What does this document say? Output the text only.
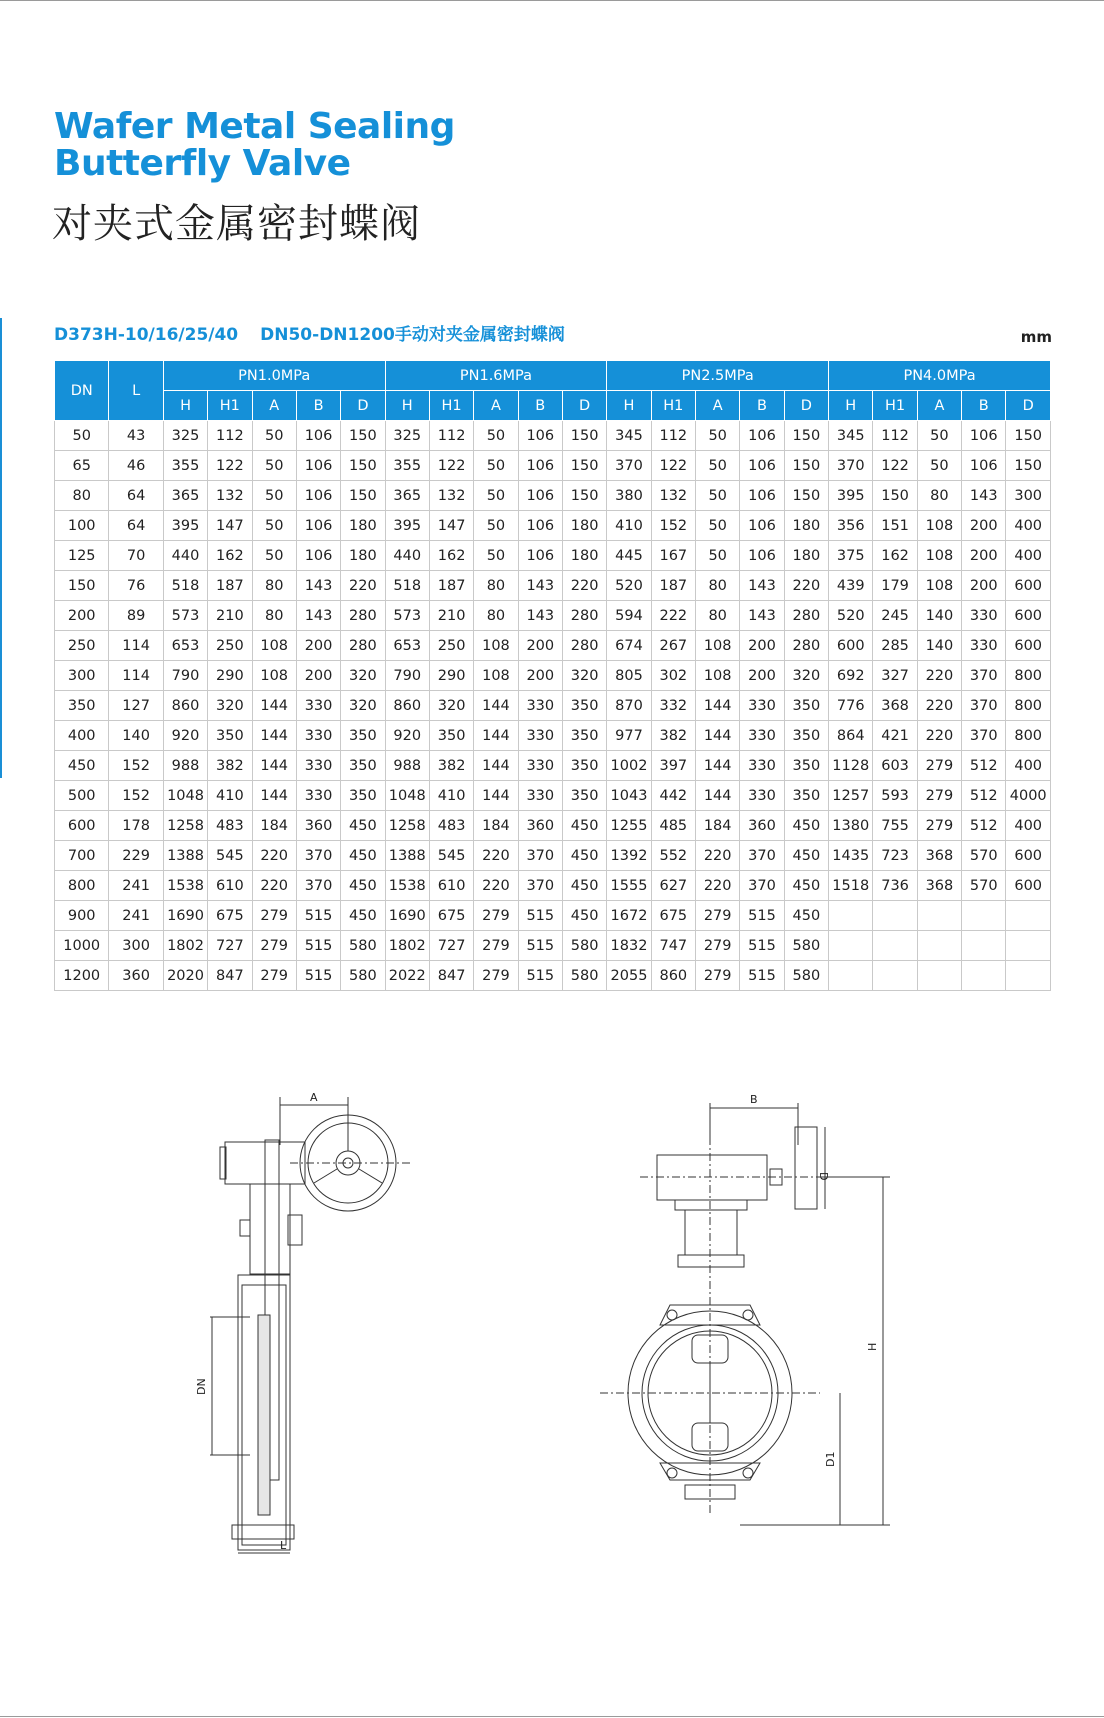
Wafer Metal Sealing
Butterfly Valve
对夹式金属密封蝶阀
D373H-10/16/25/40 DN50-DN1200手动对夹金属密封蝶阀	mm
DN	L	PN1.0MPa					PN1.6MPa					PN2.5MPa					PN4.0MPa				
		H	H1	A	B	D	H	H1	A	B	D	H	H1	A	B	D	H	H1	A	B	D
50	43	325	112	50	106	150	325	112	50	106	150	345	112	50	106	150	345	112	50	106	150
65	46	355	122	50	106	150	355	122	50	106	150	370	122	50	106	150	370	122	50	106	150
80	64	365	132	50	106	150	365	132	50	106	150	380	132	50	106	150	395	150	80	143	300
100	64	395	147	50	106	180	395	147	50	106	180	410	152	50	106	180	356	151	108	200	400
125	70	440	162	50	106	180	440	162	50	106	180	445	167	50	106	180	375	162	108	200	400
150	76	518	187	80	143	220	518	187	80	143	220	520	187	80	143	220	439	179	108	200	600
200	89	573	210	80	143	280	573	210	80	143	280	594	222	80	143	280	520	245	140	330	600
250	114	653	250	108	200	280	653	250	108	200	280	674	267	108	200	280	600	285	140	330	600
300	114	790	290	108	200	320	790	290	108	200	320	805	302	108	200	320	692	327	220	370	800
350	127	860	320	144	330	320	860	320	144	330	350	870	332	144	330	350	776	368	220	370	800
400	140	920	350	144	330	350	920	350	144	330	350	977	382	144	330	350	864	421	220	370	800
450	152	988	382	144	330	350	988	382	144	330	350	1002	397	144	330	350	1128	603	279	512	400
500	152	1048	410	144	330	350	1048	410	144	330	350	1043	442	144	330	350	1257	593	279	512	4000
600	178	1258	483	184	360	450	1258	483	184	360	450	1255	485	184	360	450	1380	755	279	512	400
700	229	1388	545	220	370	450	1388	545	220	370	450	1392	552	220	370	450	1435	723	368	570	600
800	241	1538	610	220	370	450	1538	610	220	370	450	1555	627	220	370	450	1518	736	368	570	600
900	241	1690	675	279	515	450	1690	675	279	515	450	1672	675	279	515	450					
1000	300	1802	727	279	515	580	1802	727	279	515	580	1832	747	279	515	580					
1200	360	2020	847	279	515	580	2022	847	279	515	580	2055	860	279	515	580					
A
DN
L
B
D
H
D1
